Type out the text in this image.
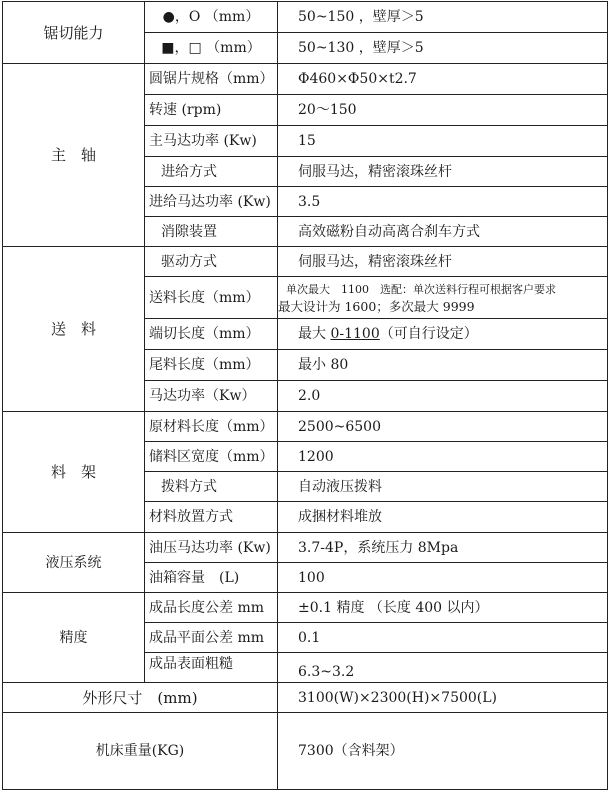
锯切能力	●，O （mm）	50~150 ，壁厚＞5
	■，□ （mm）	50~130 ，壁厚＞5
主　轴	圆锯片规格（mm）	Φ460×Φ50×t2.7
	转速 (rpm)	20～150
	主马达功率 (Kw)	15
	进给方式	伺服马达，精密滚珠丝杆
	进给马达功率 (Kw)	3.5
	消隙装置	高效磁粉自动高离合刹车方式
送　料	驱动方式	伺服马达，精密滚珠丝杆
	送料长度（mm）	单次最大　1100　选配：单次送料行程可根据客户要求
最大设计为 1600；多次最大 9999

	端切长度（mm）	最大 0-1100（可自行设定）
	尾料长度（mm）	最小 80
	马达功率（Kw）	2.0
料　架	原材料长度（mm）	2500~6500
	储料区宽度（mm）	1200
	拨料方式	自动液压拨料
	材料放置方式	成捆材料堆放
液压系统	油压马达功率 (Kw)	3.7-4P，系统压力 8Mpa
	油箱容量　(L)	100
精度	成品长度公差 mm	±0.1 精度 （长度 400 以内）
	成品平面公差 mm	0.1
	成品表面粗糙	6.3~3.2
外形尺寸　(mm)		3100(W)×2300(H)×7500(L)
机床重量(KG)		7300（含料架）
